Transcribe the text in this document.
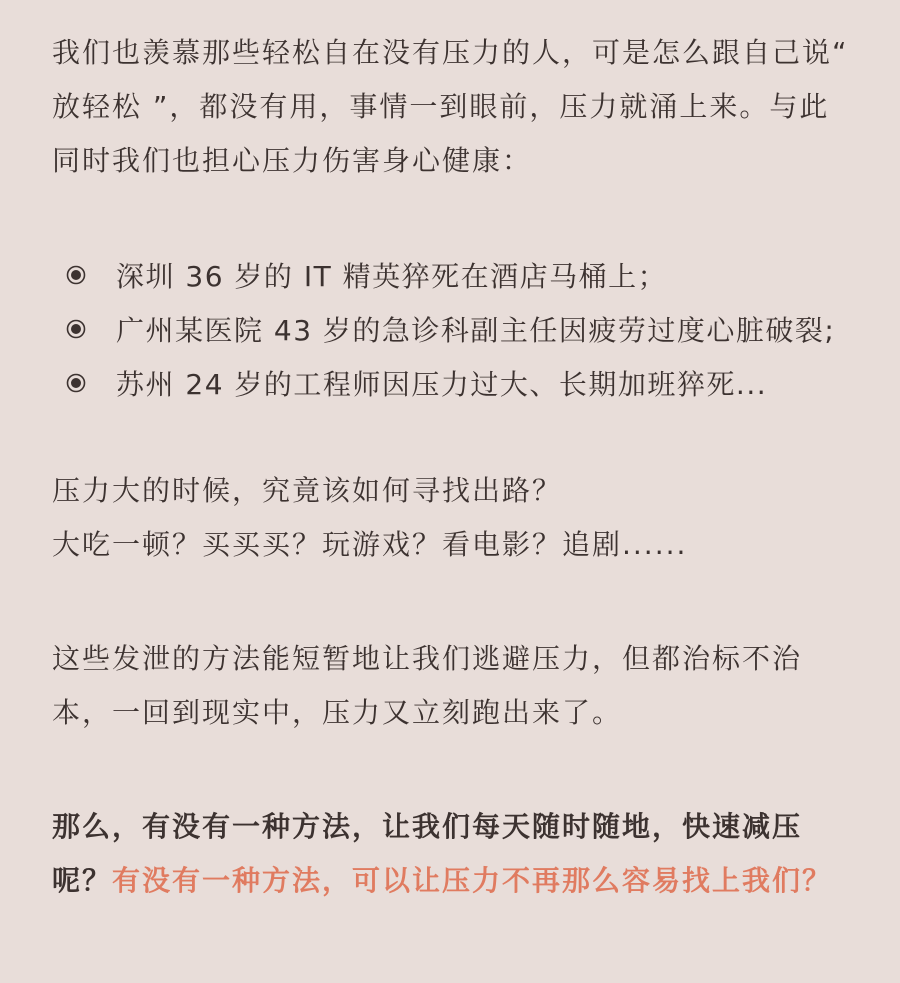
我们也羡慕那些轻松自在没有压力的人，可是怎么跟自己说“ 放轻松 ”，都没有用，事情一到眼前，压力就涌上来。与此同时我们也担心压力伤害身心健康：

深圳 36 岁的 IT 精英猝死在酒店马桶上；
广州某医院 43 岁的急诊科副主任因疲劳过度心脏破裂;
苏州 24 岁的工程师因压力过大、长期加班猝死...
压力大的时候，究竟该如何寻找出路？
大吃一顿？买买买？玩游戏？看电影？追剧......

这些发泄的方法能短暂地让我们逃避压力，但都治标不治本，一回到现实中，压力又立刻跑出来了。

那么，有没有一种方法，让我们每天随时随地，快速减压呢？有没有一种方法，可以让压力不再那么容易找上我们？
